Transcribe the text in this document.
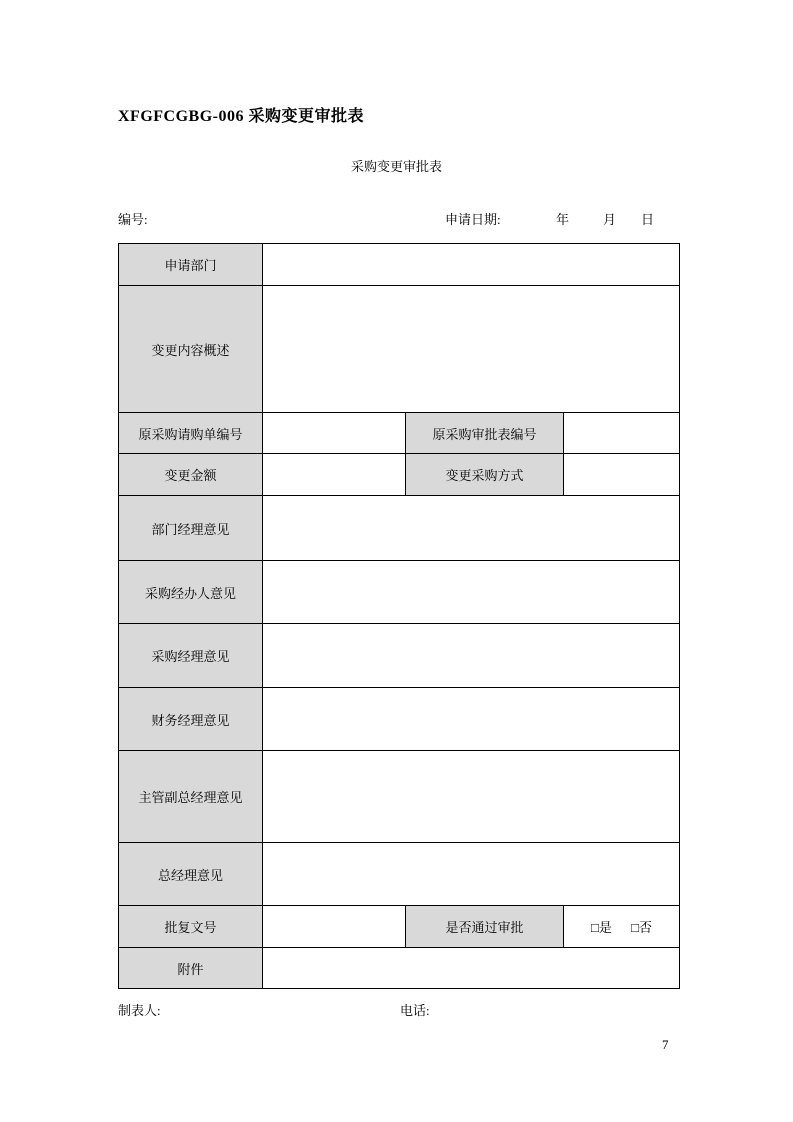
XFGFCGBG-006 采购变更审批表
采购变更审批表
编号:	申请日期:	年	月 日
申请部门			
变更内容概述			
原采购请购单编号		原采购审批表编号	
变更金额		变更采购方式	
部门经理意见			
采购经办人意见			
采购经理意见			
财务经理意见			
主管副总经理意见			
总经理意见			
批复文号		是否通过审批	□是 □否
附件			
制表人:	电话:
7
